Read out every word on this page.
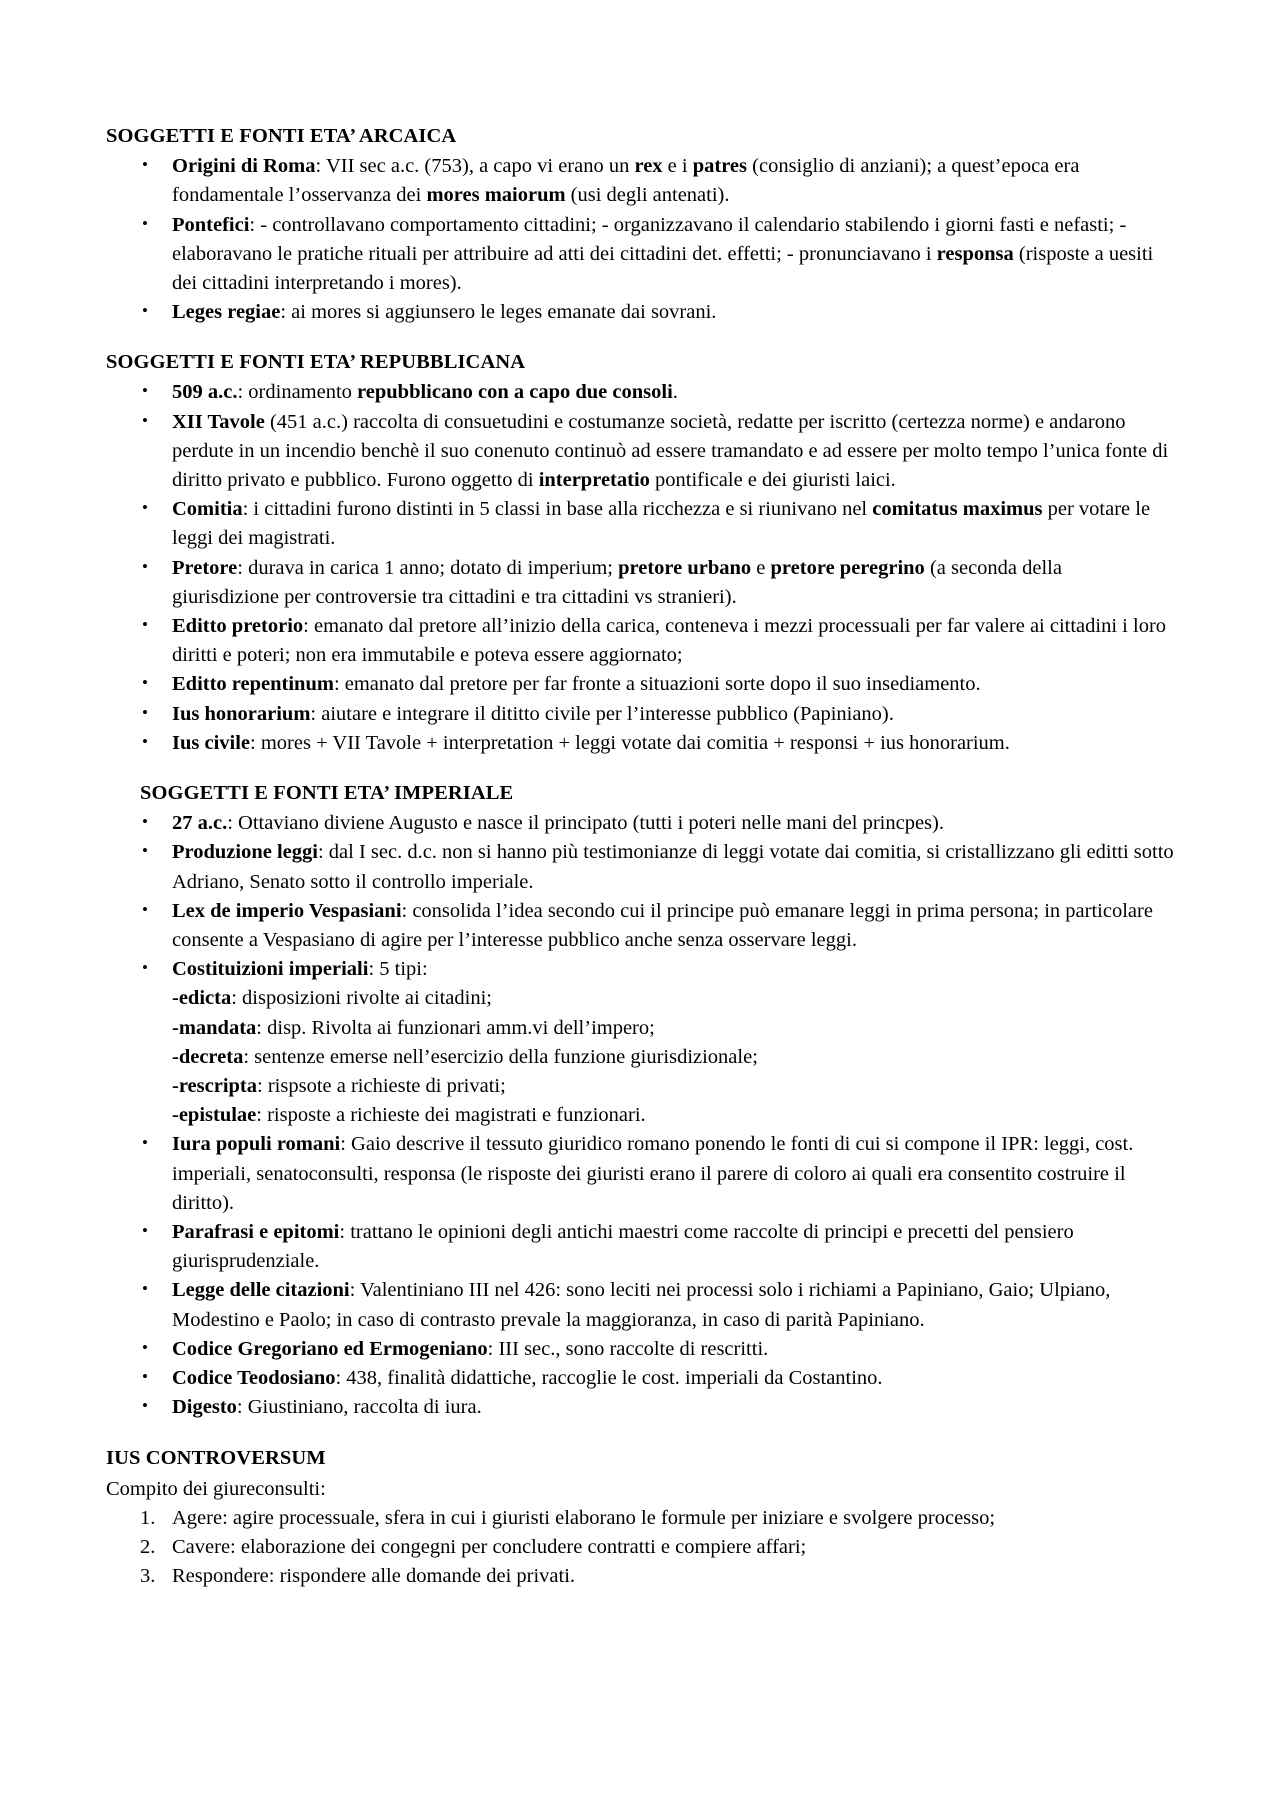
SOGGETTI E FONTI ETA’ ARCAICA
• Origini di Roma: VII sec a.c. (753), a capo vi erano un rex e i patres (consiglio di anziani); a quest’epoca era fondamentale l’osservanza dei mores maiorum (usi degli antenati).
• Pontefici: - controllavano comportamento cittadini; - organizzavano il calendario stabilendo i giorni fasti e nefasti; - elaboravano le pratiche rituali per attribuire ad atti dei cittadini det. effetti; - pronunciavano i responsa (risposte a uesiti dei cittadini interpretando i mores).
• Leges regiae: ai mores si aggiunsero le leges emanate dai sovrani.
SOGGETTI E FONTI ETA’ REPUBBLICANA
• 509 a.c.: ordinamento repubblicano con a capo due consoli.
• XII Tavole (451 a.c.) raccolta di consuetudini e costumanze società, redatte per iscritto (certezza norme) e andarono perdute in un incendio benchè il suo conenuto continuò ad essere tramandato e ad essere per molto tempo l’unica fonte di diritto privato e pubblico. Furono oggetto di interpretatio pontificale e dei giuristi laici.
• Comitia: i cittadini furono distinti in 5 classi in base alla ricchezza e si riunivano nel comitatus maximus per votare le leggi dei magistrati.
• Pretore: durava in carica 1 anno; dotato di imperium; pretore urbano e pretore peregrino (a seconda della giurisdizione per controversie tra cittadini e tra cittadini vs stranieri).
• Editto pretorio: emanato dal pretore all’inizio della carica, conteneva i mezzi processuali per far valere ai cittadini i loro diritti e poteri; non era immutabile e poteva essere aggiornato;
• Editto repentinum: emanato dal pretore per far fronte a situazioni sorte dopo il suo insediamento.
• Ius honorarium: aiutare e integrare il dititto civile per l’interesse pubblico (Papiniano).
• Ius civile: mores + VII Tavole + interpretation + leggi votate dai comitia + responsi + ius honorarium.
SOGGETTI E FONTI ETA’ IMPERIALE
• 27 a.c.: Ottaviano diviene Augusto e nasce il principato (tutti i poteri nelle mani del princpes).
• Produzione leggi: dal I sec. d.c. non si hanno più testimonianze di leggi votate dai comitia, si cristallizzano gli editti sotto Adriano, Senato sotto il controllo imperiale.
• Lex de imperio Vespasiani: consolida l’idea secondo cui il principe può emanare leggi in prima persona; in particolare consente a Vespasiano di agire per l’interesse pubblico anche senza osservare leggi.
• Costituizioni imperiali: 5 tipi:
-edicta: disposizioni rivolte ai citadini;
-mandata: disp. Rivolta ai funzionari amm.vi dell’impero;
-decreta: sentenze emerse nell’esercizio della funzione giurisdizionale;
-rescripta: rispsote a richieste di privati;
-epistulae: risposte a richieste dei magistrati e funzionari.
• Iura populi romani: Gaio descrive il tessuto giuridico romano ponendo le fonti di cui si compone il IPR: leggi, cost. imperiali, senatoconsulti, responsa (le risposte dei giuristi erano il parere di coloro ai quali era consentito costruire il diritto).
• Parafrasi e epitomi: trattano le opinioni degli antichi maestri come raccolte di principi e precetti del pensiero giurisprudenziale.
• Legge delle citazioni: Valentiniano III nel 426: sono leciti nei processi solo i richiami a Papiniano, Gaio; Ulpiano, Modestino e Paolo; in caso di contrasto prevale la maggioranza, in caso di parità Papiniano.
• Codice Gregoriano ed Ermogeniano: III sec., sono raccolte di rescritti.
• Codice Teodosiano: 438, finalità didattiche, raccoglie le cost. imperiali da Costantino.
• Digesto: Giustiniano, raccolta di iura.
IUS CONTROVERSUM

Compito dei giureconsulti:

Agere: agire processuale, sfera in cui i giuristi elaborano le formule per iniziare e svolgere processo;
Cavere: elaborazione dei congegni per concludere contratti e compiere affari;
Respondere: rispondere alle domande dei privati.
